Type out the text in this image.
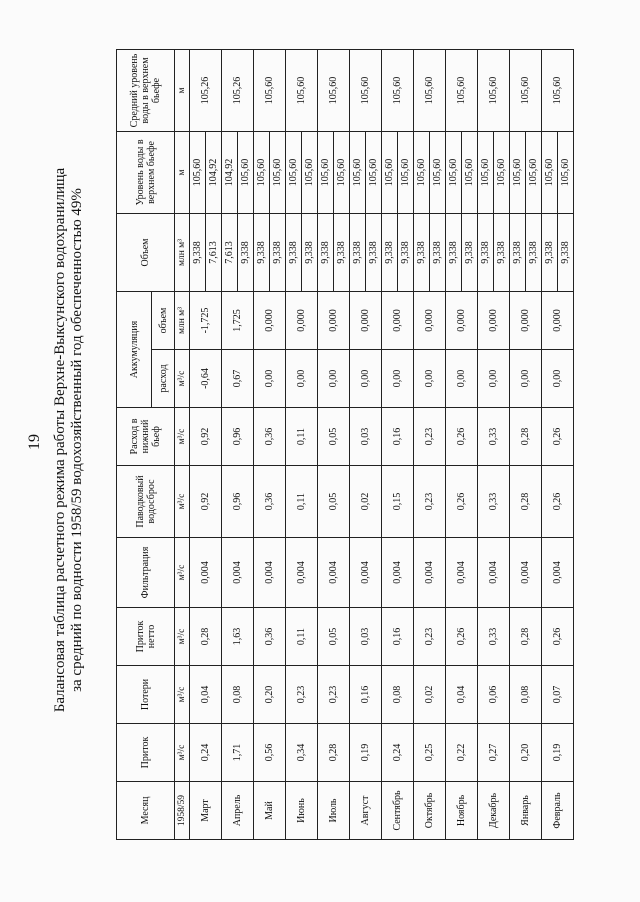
19 Балансовая таблица расчетного режима работы Верхне-Выксунского водохранилища за средний по водности 1958/59 водохозяйственный год обеспеченностью 49%
Месяц	Приток	Потери	Приток нетто	Фильтрация	Паводковый водосброс	Расход в нижний бьеф	Аккумуляция		Объем	Уровень воды в верхнем бьефе	Средний уровень воды в верхнем бьефе
							расход	объем			
1958/59	м³/с	м³/с	м³/с	м³/с	м³/с	м³/с	м³/с	млн м³	млн м³	м	м
Март	0,24	0,04	0,28	0,004	0,92	0,92	-0,64	-1,725	9,338 7,613	105,60 104,92	105,26
Апрель	1,71	0,08	1,63	0,004	0,96	0,96	0,67	1,725	7,613 9,338	104,92 105,60	105,26
Май	0,56	0,20	0,36	0,004	0,36	0,36	0,00	0,000	9,338 9,338	105,60 105,60	105,60
Июнь	0,34	0,23	0,11	0,004	0,11	0,11	0,00	0,000	9,338 9,338	105,60 105,60	105,60
Июль	0,28	0,23	0,05	0,004	0,05	0,05	0,00	0,000	9,338 9,338	105,60 105,60	105,60
Август	0,19	0,16	0,03	0,004	0,02	0,03	0,00	0,000	9,338 9,338	105,60 105,60	105,60
Сентябрь	0,24	0,08	0,16	0,004	0,15	0,16	0,00	0,000	9,338 9,338	105,60 105,60	105,60
Октябрь	0,25	0,02	0,23	0,004	0,23	0,23	0,00	0,000	9,338 9,338	105,60 105,60	105,60
Ноябрь	0,22	0,04	0,26	0,004	0,26	0,26	0,00	0,000	9,338 9,338	105,60 105,60	105,60
Декабрь	0,27	0,06	0,33	0,004	0,33	0,33	0,00	0,000	9,338 9,338	105,60 105,60	105,60
Январь	0,20	0,08	0,28	0,004	0,28	0,28	0,00	0,000	9,338 9,338	105,60 105,60	105,60
Февраль	0,19	0,07	0,26	0,004	0,26	0,26	0,00	0,000	9,338 9,338	105,60 105,60	105,60
